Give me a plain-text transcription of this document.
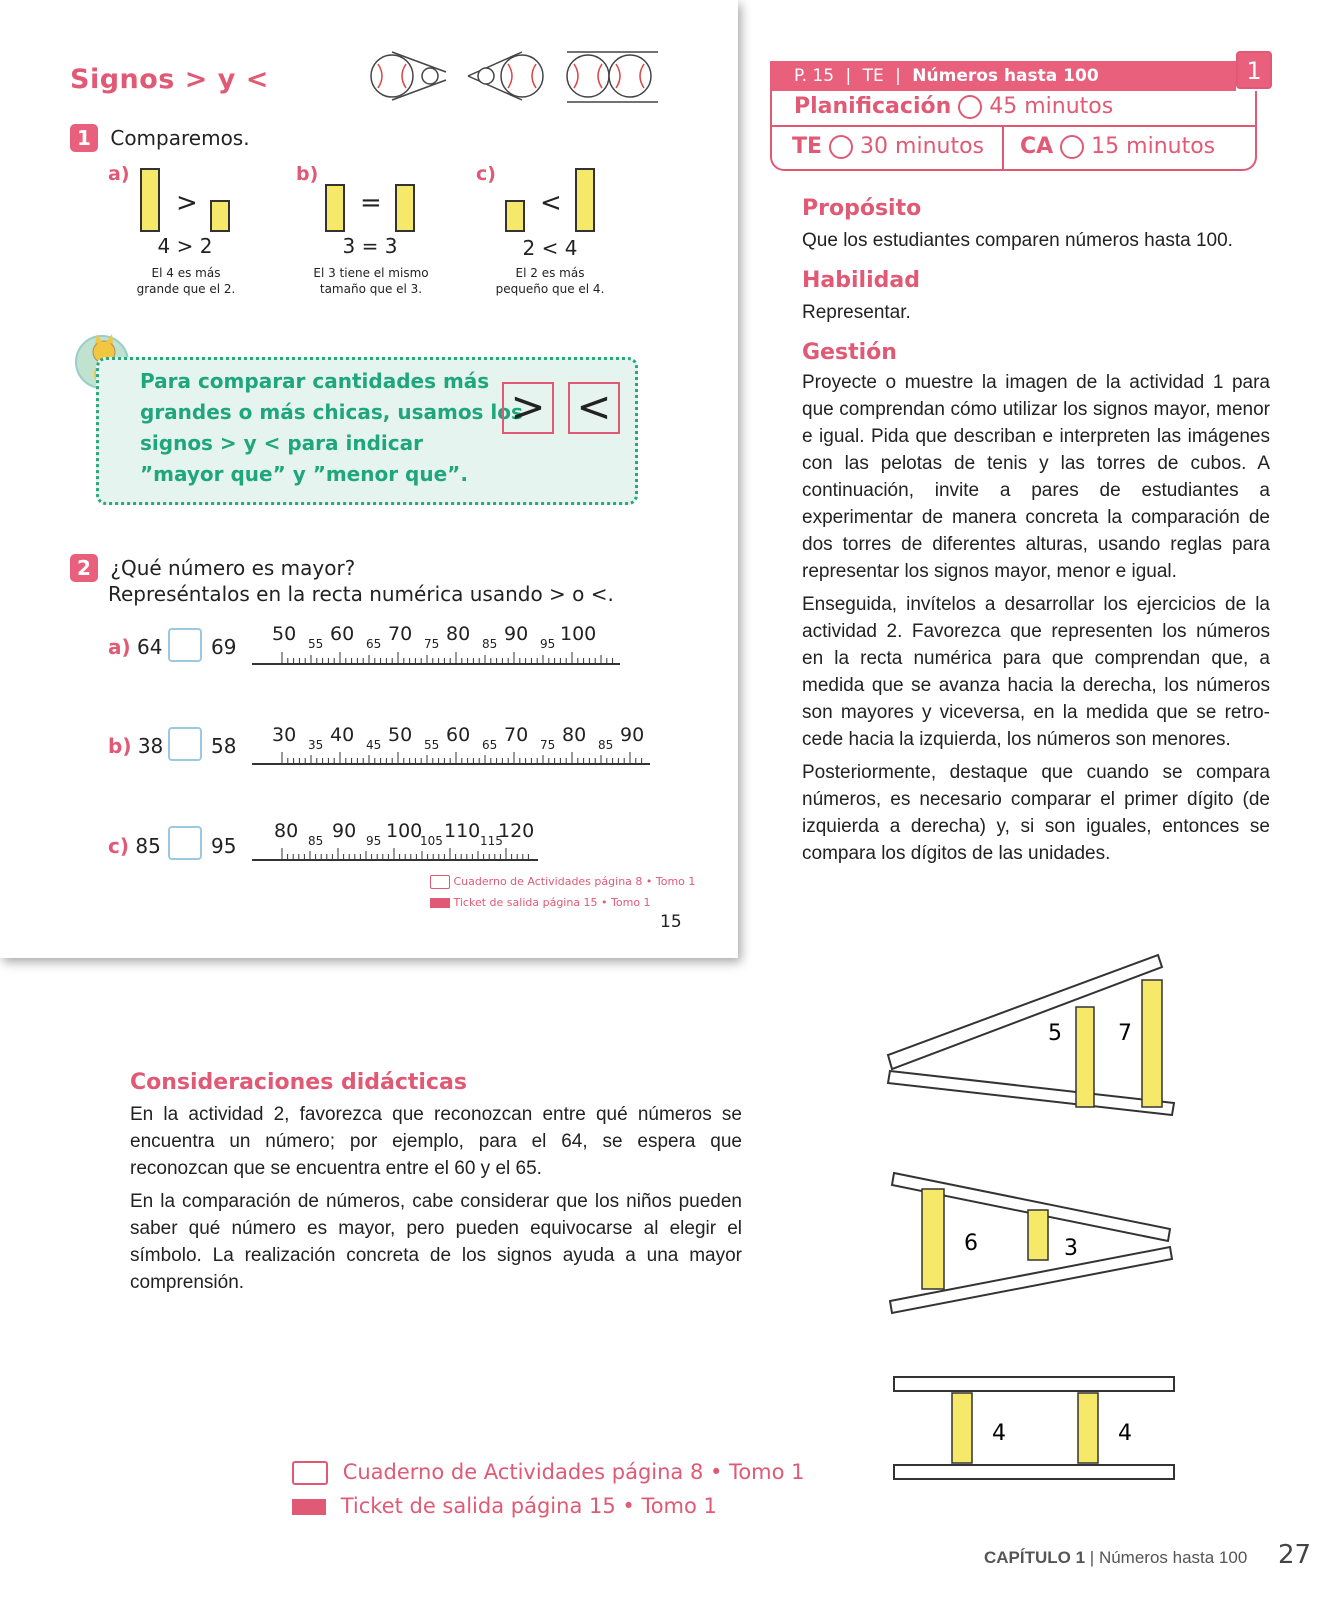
Signos > y <
1 Comparemos.
a)
>
4 > 2
El 4 es más
grande que el 2.
b)
=
3 = 3
El 3 tiene el mismo
tamaño que el 3.
c)
<
2 < 4
El 2 es más
pequeño que el 4.
Para comparar cantidades más
grandes o más chicas, usamos los
signos > y < para indicar
”mayor que” y ”menor que”.
> <
2 ¿Qué número es mayor?
Represéntalos en la recta numérica usando > o <.
a) 64 69
50 55 60 65 70 75 80 85 90 95 100
b) 38 58 30 35 40 45 50 55 60 65 70 75 80 85 90
c) 85	95
80 85 90 95 100
105 110 115
120
Cuaderno de Actividades página 8 • Tomo 1
Ticket de salida página 15 • Tomo 1
15
P. 15 | TE | Números hasta 100	1
Planificación 45 minutos
TE 30 minutos CA 15 minutos
Propósito
Que los estudiantes comparen números hasta 100.
Habilidad
Representar.
Gestión
Proyecte o muestre la imagen de la actividad 1 para que comprendan cómo utilizar los signos mayor, menor e igual. Pida que describan e interpreten las imágenes con las pelotas de tenis y las torres de cubos. A continuación, invite a pares de estudiantes a experimentar de manera concreta la comparación de dos torres de diferentes alturas, usando reglas para representar los signos mayor, menor e igual.
Enseguida, invítelos a desarrollar los ejercicios de la actividad 2. Favorezca que representen los números en la recta numérica para que comprendan que, a medida que se avanza hacia la derecha, los números son mayores y viceversa, en la medida que se retro-cede hacia la izquierda, los números son menores.
Posteriormente, destaque que cuando se compara números, es necesario comparar el primer dígito (de izquierda a derecha) y, si son iguales, entonces se compara los dígitos de las unidades.
Consideraciones didácticas
En la actividad 2, favorezca que reconozcan entre qué números se encuentra un número; por ejemplo, para el 64, se espera que reconozcan que se encuentra entre el 60 y el 65.
En la comparación de números, cabe considerar que los niños pueden saber qué número es mayor, pero pueden equivocarse al elegir el símbolo. La realización concreta de los signos ayuda a una mayor comprensión.
Cuaderno de Actividades página 8 • Tomo 1
Ticket de salida página 15 • Tomo 1
5	7
6	3
4	4
CAPÍTULO 1 | Números hasta 100 27
